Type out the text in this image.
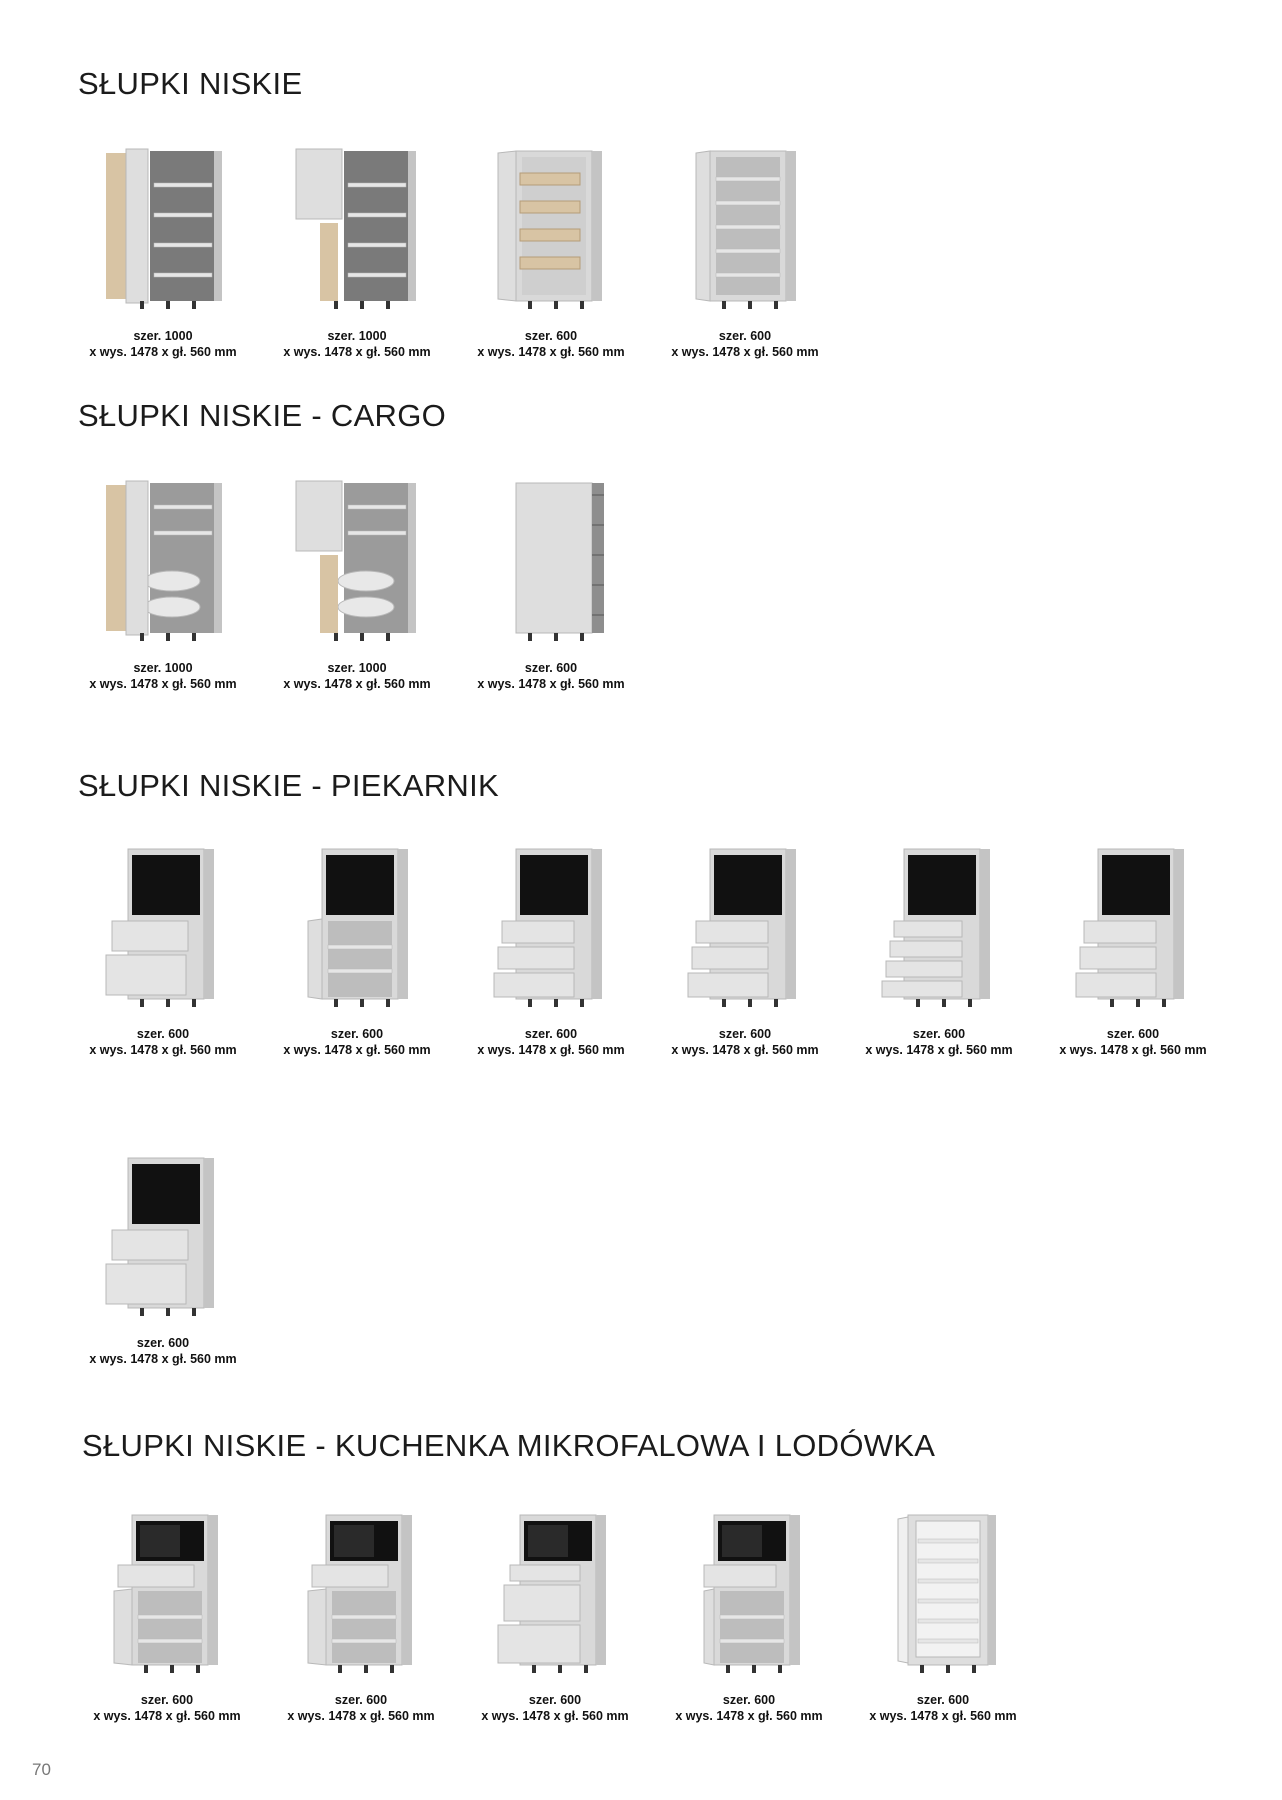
SŁUPKI NISKIE
SŁUPKI NISKIE - CARGO
SŁUPKI NISKIE - PIEKARNIK
SŁUPKI NISKIE - KUCHENKA MIKROFALOWA I LODÓWKA
szer. 1000
x wys. 1478 x gł. 560 mm
szer. 1000
x wys. 1478 x gł. 560 mm
szer. 600
x wys. 1478 x gł. 560 mm
szer. 600
x wys. 1478 x gł. 560 mm
szer. 1000
x wys. 1478 x gł. 560 mm
szer. 1000
x wys. 1478 x gł. 560 mm
szer. 600
x wys. 1478 x gł. 560 mm
szer. 600
x wys. 1478 x gł. 560 mm
szer. 600
x wys. 1478 x gł. 560 mm
szer. 600
x wys. 1478 x gł. 560 mm
szer. 600
x wys. 1478 x gł. 560 mm
szer. 600
x wys. 1478 x gł. 560 mm
szer. 600
x wys. 1478 x gł. 560 mm
szer. 600
x wys. 1478 x gł. 560 mm
szer. 600
x wys. 1478 x gł. 560 mm
szer. 600
x wys. 1478 x gł. 560 mm
szer. 600
x wys. 1478 x gł. 560 mm
szer. 600
x wys. 1478 x gł. 560 mm
szer. 600
x wys. 1478 x gł. 560 mm
70
